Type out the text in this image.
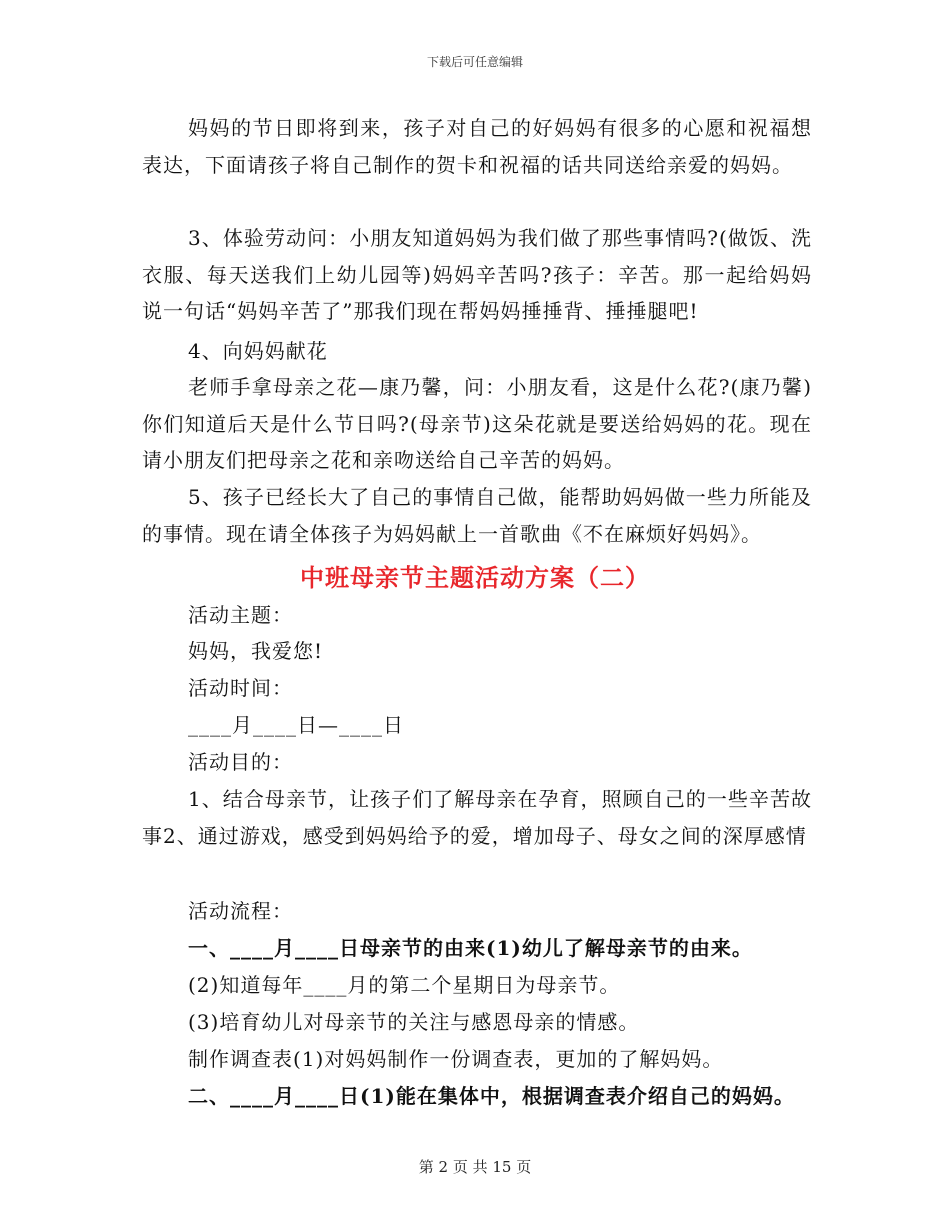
下载后可任意编辑
妈妈的节日即将到来，孩子对自己的好妈妈有很多的心愿和祝福想表达，下面请孩子将自己制作的贺卡和祝福的话共同送给亲爱的妈妈。
3、体验劳动问：小朋友知道妈妈为我们做了那些事情吗?(做饭、洗衣服、每天送我们上幼儿园等)妈妈辛苦吗?孩子：辛苦。那一起给妈妈说一句话“妈妈辛苦了”那我们现在帮妈妈捶捶背、捶捶腿吧!
4、向妈妈献花
老师手拿母亲之花—康乃馨，问：小朋友看，这是什么花?(康乃馨)你们知道后天是什么节日吗?(母亲节)这朵花就是要送给妈妈的花。现在请小朋友们把母亲之花和亲吻送给自己辛苦的妈妈。
5、孩子已经长大了自己的事情自己做，能帮助妈妈做一些力所能及的事情。现在请全体孩子为妈妈献上一首歌曲《不在麻烦好妈妈》。
中班母亲节主题活动方案（二）
活动主题：
妈妈，我爱您!
活动时间：
____月____日—____日
活动目的：
1、结合母亲节，让孩子们了解母亲在孕育，照顾自己的一些辛苦故事2、通过游戏，感受到妈妈给予的爱，增加母子、母女之间的深厚感情
活动流程：
一、____月____日母亲节的由来(1)幼儿了解母亲节的由来。
(2)知道每年____月的第二个星期日为母亲节。
(3)培育幼儿对母亲节的关注与感恩母亲的情感。
制作调查表(1)对妈妈制作一份调查表，更加的了解妈妈。
二、____月____日(1)能在集体中，根据调查表介绍自己的妈妈。
第 2 页 共 15 页
